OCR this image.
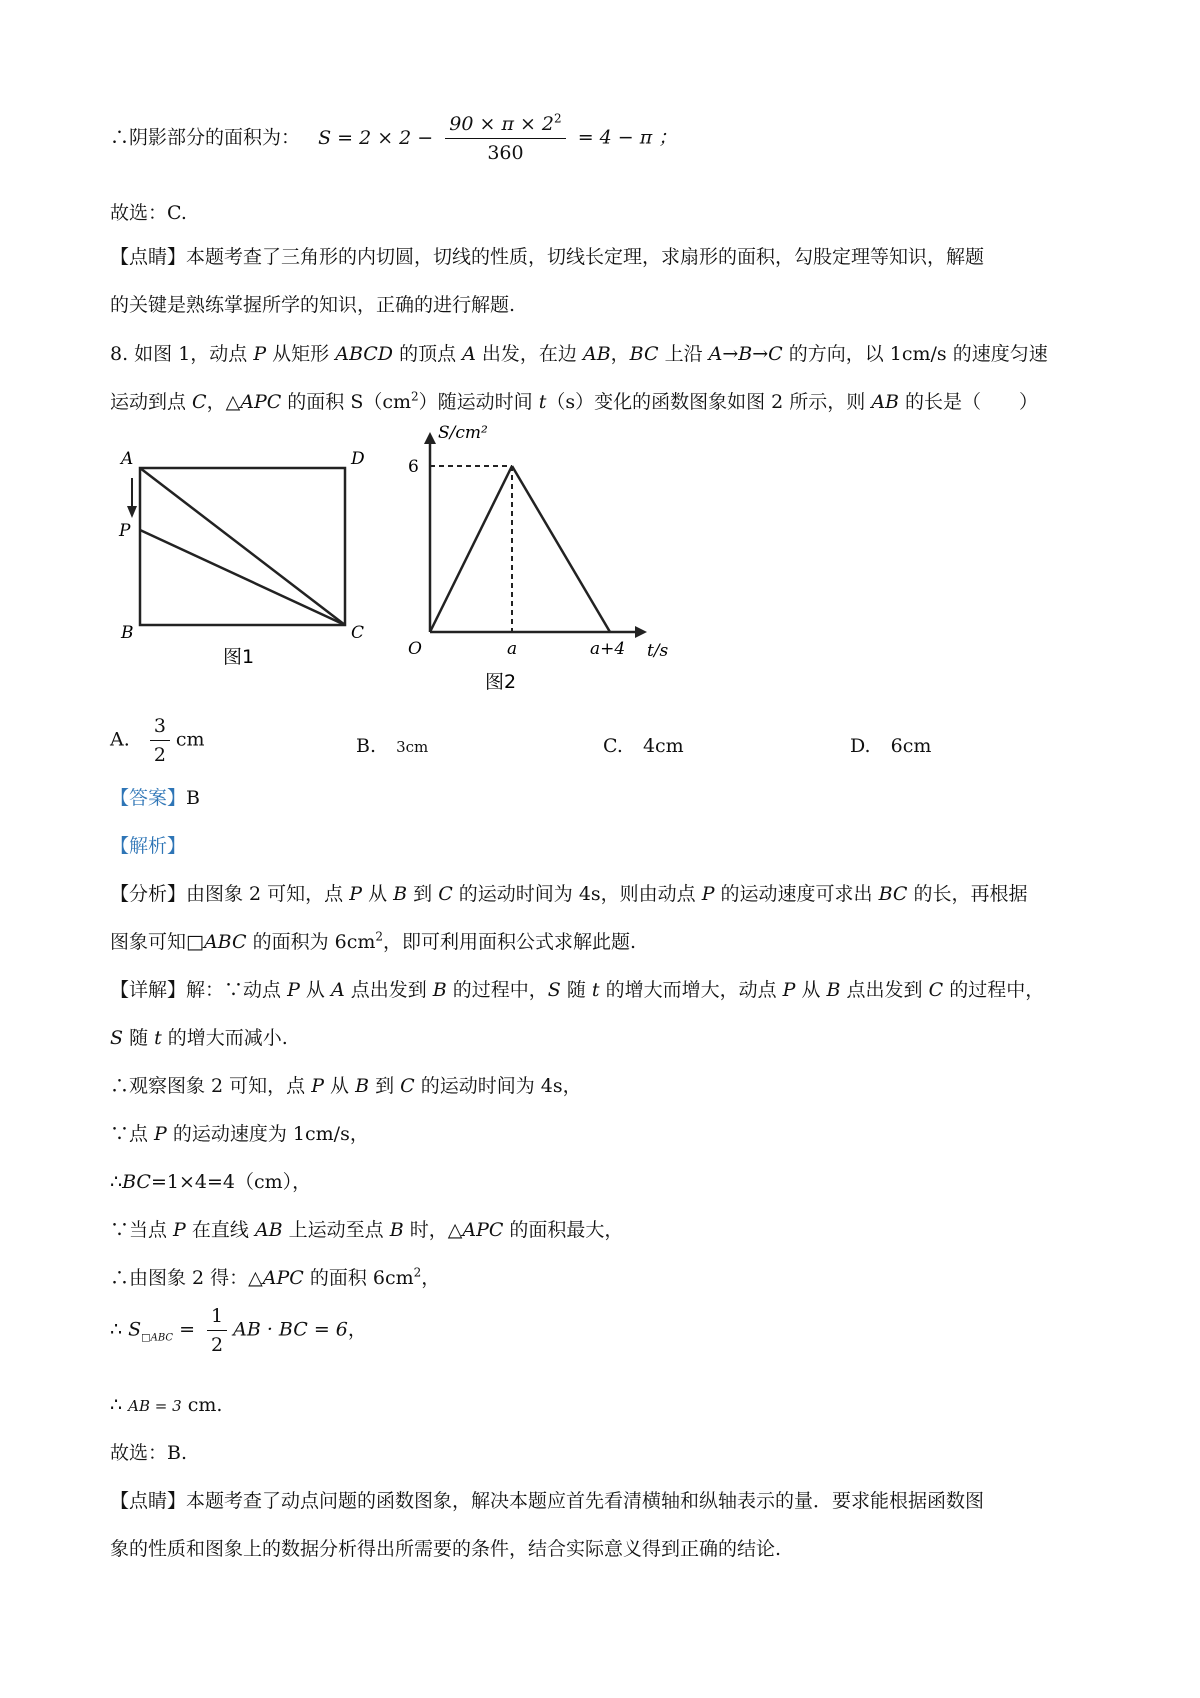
∴阴影部分的面积为： $S = 2 \times 2 - \frac{90 \times \pi \times 2^2}{360} = 4 - \pi$ ；
故选：C.
【点睛】本题考查了三角形的内切圆，切线的性质，切线长定理，求扇形的面积，勾股定理等知识，解题
的关键是熟练掌握所学的知识，正确的进行解题.
8. 如图 1，动点 P 从矩形 ABCD 的顶点 A 出发，在边 AB，BC 上沿 A→B→C 的方向，以 1cm/s 的速度匀速
运动到点 C，△APC 的面积 $S(cm^2)$随运动时间 t（s）变化的函数图象如图 2 所示，则 AB 的长是（　　）
A	D
P
B	C
图1
S/cm²
6
O	a	a+4 t/s
图2
A. $\frac{3}{2}$ cm	B. 3cm	C. 4cm	D. 6cm
【答案】B
【解析】
【分析】由图象 2 可知，点 P 从 B 到 C 的运动时间为 4s，则由动点 P 的运动速度可求出 BC 的长，再根据
图象可知□ABC 的面积为 $6cm^2$，即可利用面积公式求解此题.
【详解】解：∵动点 P 从 A 点出发到 B 的过程中，S 随 t 的增大而增大，动点 P 从 B 点出发到 C 的过程中，
S 随 t 的增大而减小.
∴观察图象 2 可知，点 P 从 B 到 C 的运动时间为 4s，
∵点 P 的运动速度为 1cm/s，
∴BC=1×4=4（cm），
∵当点 P 在直线 AB 上运动至点 B 时，△APC 的面积最大，
∴由图象 2 得：△APC 的面积 $6cm^2$，
∴ $S_{□ABC} = \frac{1}{2}$ AB · BC = 6，
∴ AB = 3 cm.
故选：B.
【点睛】本题考查了动点问题的函数图象，解决本题应首先看清横轴和纵轴表示的量．要求能根据函数图
象的性质和图象上的数据分析得出所需要的条件，结合实际意义得到正确的结论.
